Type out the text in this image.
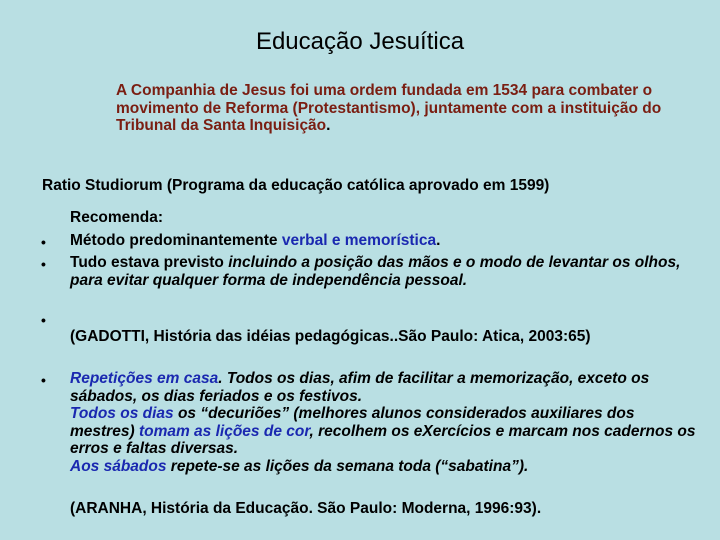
Educação Jesuítica
A Companhia de Jesus foi uma ordem fundada em 1534 para combater o movimento de Reforma (Protestantismo), juntamente com a instituição do Tribunal da Santa Inquisição.
Ratio Studiorum (Programa da educação católica aprovado em 1599)
Recomenda:
• Método predominantemente verbal e memorística.
• Tudo estava previsto incluindo a posição das mãos e o modo de levantar os olhos, para evitar qualquer forma de independência pessoal.
•
(GADOTTI, História das idéias pedagógicas..São Paulo: Atica, 2003:65)
• Repetições em casa. Todos os dias, afim de facilitar a memorização, exceto os sábados, os dias feriados e os festivos.
Todos os dias os “decuriões” (melhores alunos considerados auxiliares dos mestres) tomam as lições de cor, recolhem os eXercícios e marcam nos cadernos os erros e faltas diversas.
Aos sábados repete-se as lições da semana toda (“sabatina”).
(ARANHA, História da Educação. São Paulo: Moderna, 1996:93).
